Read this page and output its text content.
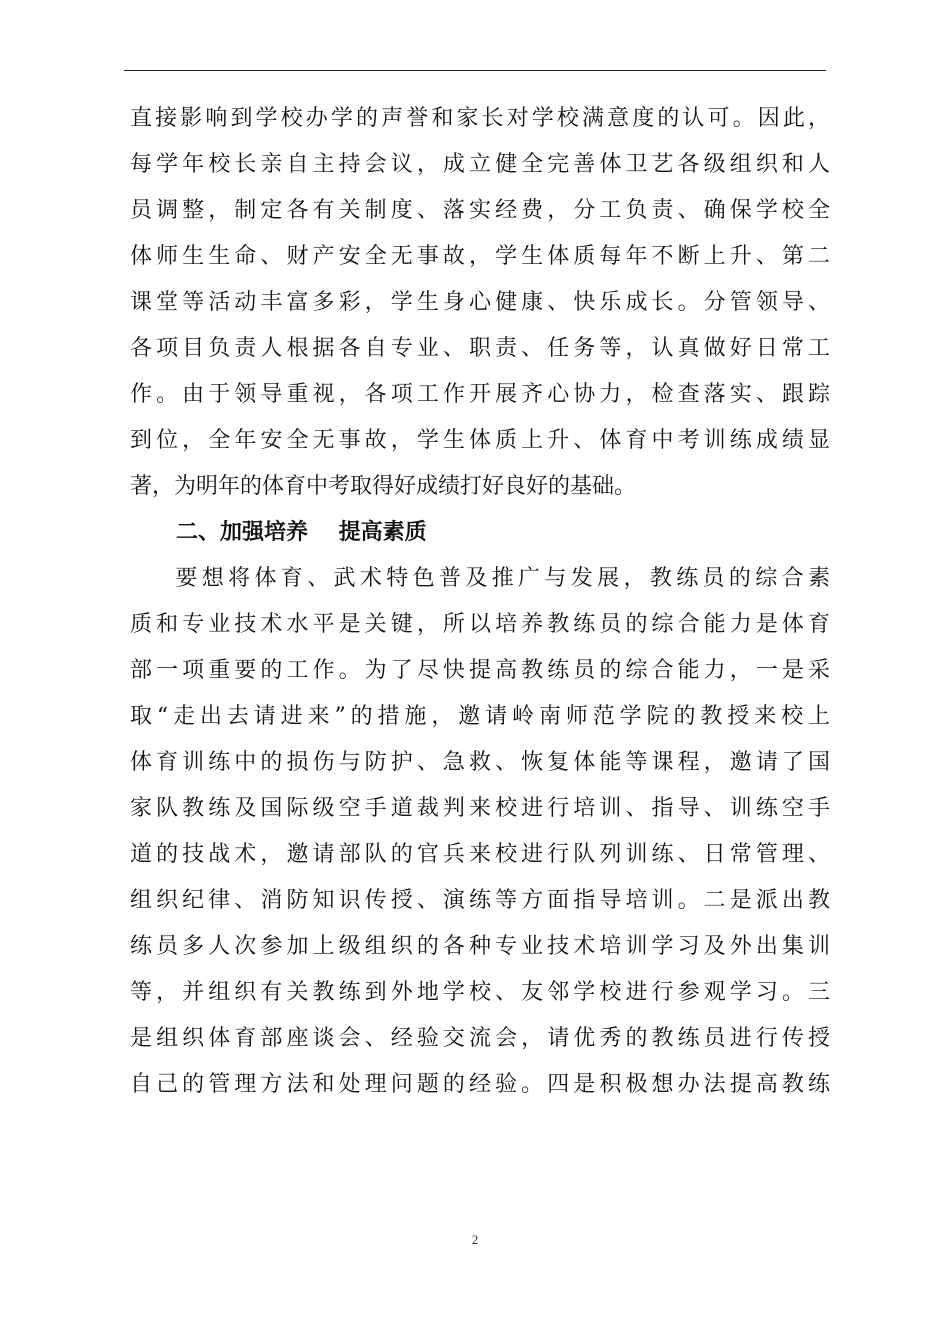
直接影响到学校办学的声誉和家长对学校满意度的认可。因此，
每学年校长亲自主持会议，成立健全完善体卫艺各级组织和人
员调整，制定各有关制度、落实经费，分工负责、确保学校全
体师生生命、财产安全无事故，学生体质每年不断上升、第二
课堂等活动丰富多彩，学生身心健康、快乐成长。分管领导、
各项目负责人根据各自专业、职责、任务等，认真做好日常工
作。由于领导重视，各项工作开展齐心协力，检查落实、跟踪
到位，全年安全无事故，学生体质上升、体育中考训练成绩显
著，为明年的体育中考取得好成绩打好良好的基础。
二、加强培养    提高素质
要想将体育、武术特色普及推广与发展，教练员的综合素
质和专业技术水平是关键，所以培养教练员的综合能力是体育
部一项重要的工作。为了尽快提高教练员的综合能力，一是采
取“走出去请进来”的措施，邀请岭南师范学院的教授来校上
体育训练中的损伤与防护、急救、恢复体能等课程，邀请了国
家队教练及国际级空手道裁判来校进行培训、指导、训练空手
道的技战术，邀请部队的官兵来校进行队列训练、日常管理、
组织纪律、消防知识传授、演练等方面指导培训。二是派出教
练员多人次参加上级组织的各种专业技术培训学习及外出集训
等，并组织有关教练到外地学校、友邻学校进行参观学习。三
是组织体育部座谈会、经验交流会，请优秀的教练员进行传授
自己的管理方法和处理问题的经验。四是积极想办法提高教练
2
